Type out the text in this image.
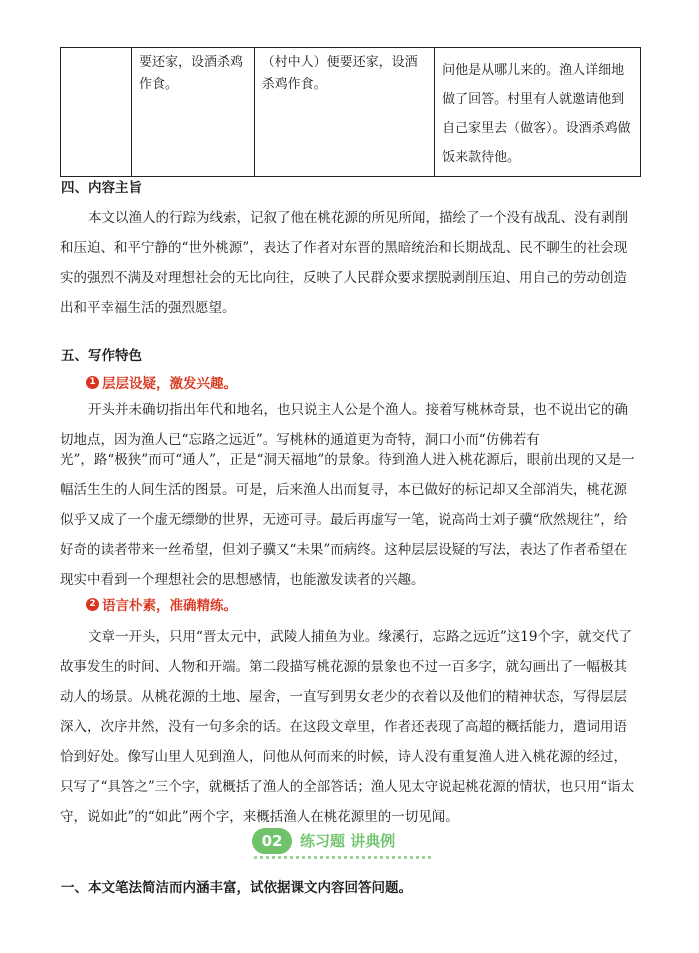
	要还家，设酒杀鸡作食。	（村中人）便要还家，设酒杀鸡作食。	问他是从哪儿来的。渔人详细地做了回答。村里有人就邀请他到自己家里去（做客）。设酒杀鸡做饭来款待他。
四、内容主旨

本文以渔人的行踪为线索，记叙了他在桃花源的所见所闻，描绘了一个没有战乱、没有剥削和压迫、和平宁静的“世外桃源”，表达了作者对东晋的黑暗统治和长期战乱、民不聊生的社会现实的强烈不满及对理想社会的无比向往，反映了人民群众要求摆脱剥削压迫、用自己的劳动创造出和平幸福生活的强烈愿望。

五、写作特色
1 层层设疑，激发兴趣。

开头并未确切指出年代和地名，也只说主人公是个渔人。接着写桃林奇景，也不说出它的确切地点，因为渔人已“忘路之远近”。写桃林的通道更为奇特，洞口小而“仿佛若有

光”，路“极狭”而可“通人”，正是“洞天福地”的景象。待到渔人进入桃花源后，眼前出现的又是一幅活生生的人间生活的图景。可是，后来渔人出而复寻，本已做好的标记却又全部消失，桃花源似乎又成了一个虚无缥缈的世界，无迹可寻。最后再虚写一笔，说高尚士刘子骥“欣然规往”，给好奇的读者带来一丝希望，但刘子骥又“未果”而病终。这种层层设疑的写法，表达了作者希望在现实中看到一个理想社会的思想感情，也能激发读者的兴趣。

2 语言朴素，准确精练。

文章一开头，只用“晋太元中，武陵人捕鱼为业。缘溪行，忘路之远近”这19个字，就交代了故事发生的时间、人物和开端。第二段描写桃花源的景象也不过一百多字，就勾画出了一幅极其动人的场景。从桃花源的土地、屋舍，一直写到男女老少的衣着以及他们的精神状态，写得层层深入，次序井然，没有一句多余的话。在这段文章里，作者还表现了高超的概括能力，遣词用语恰到好处。像写山里人见到渔人，问他从何而来的时候，诗人没有重复渔人进入桃花源的经过，只写了“具答之”三个字，就概括了渔人的全部答话；渔人见太守说起桃花源的情状，也只用“诣太守，说如此”的“如此”两个字，来概括渔人在桃花源里的一切见闻。

02	练习题 讲典例
一、本文笔法简洁而内涵丰富，试依据课文内容回答问题。
